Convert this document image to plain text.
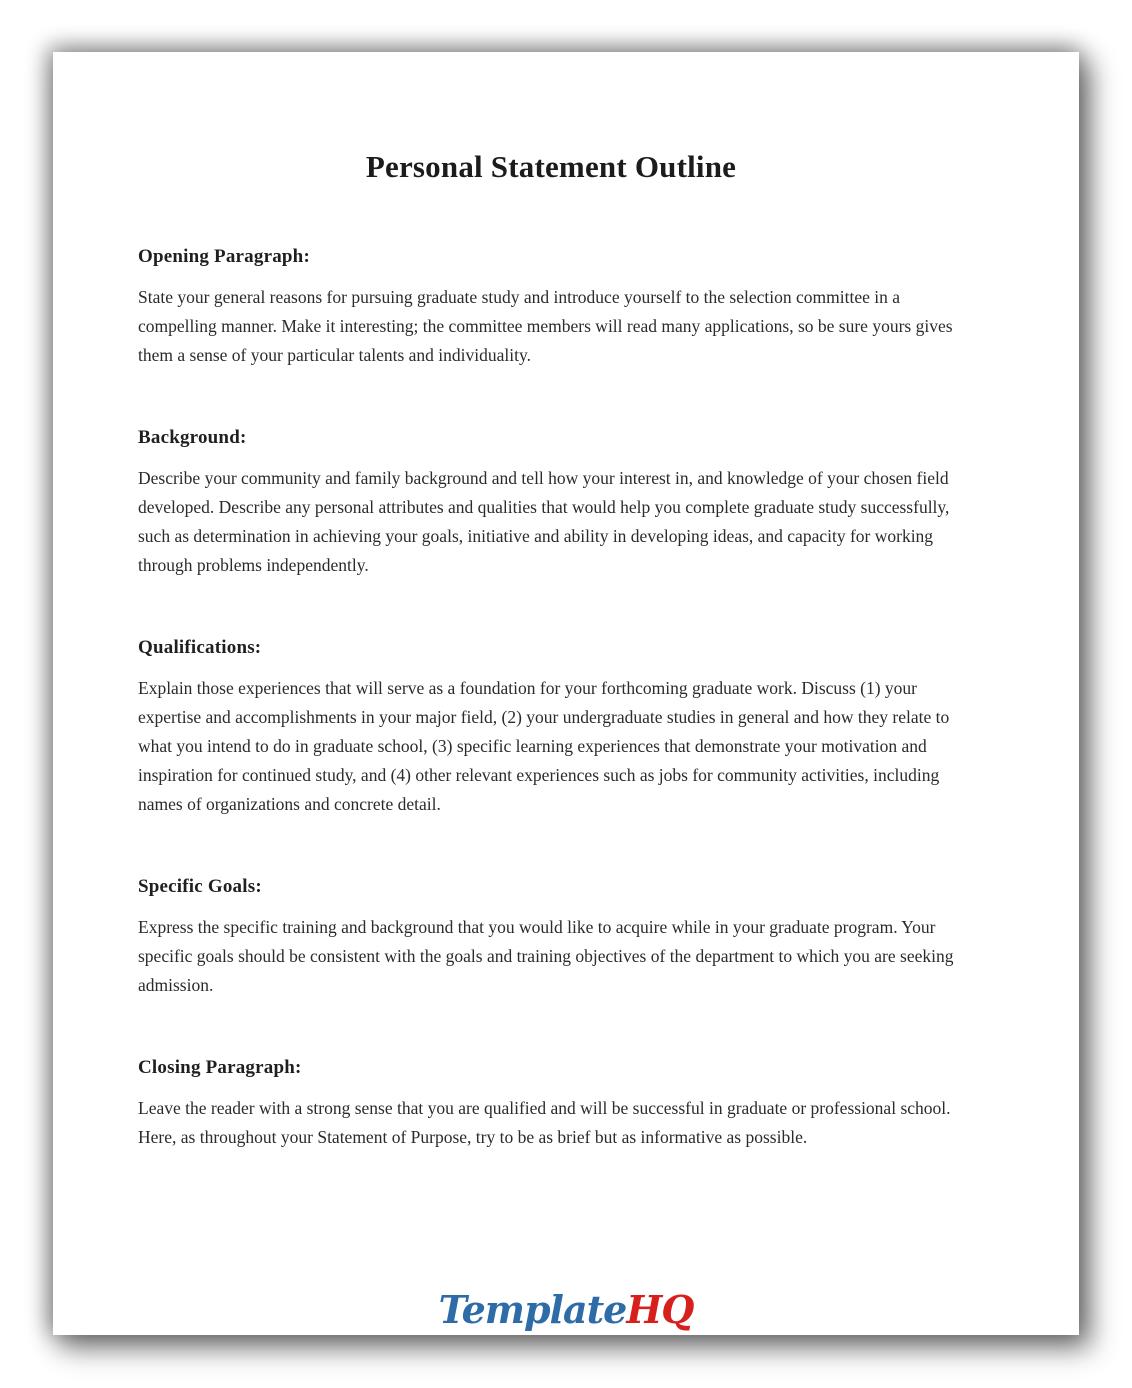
Personal Statement Outline
Opening Paragraph:
State your general reasons for pursuing graduate study and introduce yourself to the selection committee in a compelling manner. Make it interesting; the committee members will read many applications, so be sure yours gives them a sense of your particular talents and individuality.
Background:
Describe your community and family background and tell how your interest in, and knowledge of your chosen field developed. Describe any personal attributes and qualities that would help you complete graduate study successfully, such as determination in achieving your goals, initiative and ability in developing ideas, and capacity for working through problems independently.
Qualifications:
Explain those experiences that will serve as a foundation for your forthcoming graduate work. Discuss (1) your expertise and accomplishments in your major field, (2) your undergraduate studies in general and how they relate to what you intend to do in graduate school, (3) specific learning experiences that demonstrate your motivation and inspiration for continued study, and (4) other relevant experiences such as jobs for community activities, including names of organizations and concrete detail.
Specific Goals:
Express the specific training and background that you would like to acquire while in your graduate program. Your specific goals should be consistent with the goals and training objectives of the department to which you are seeking admission.
Closing Paragraph:
Leave the reader with a strong sense that you are qualified and will be successful in graduate or professional school. Here, as throughout your Statement of Purpose, try to be as brief but as informative as possible.
TemplateHQ
